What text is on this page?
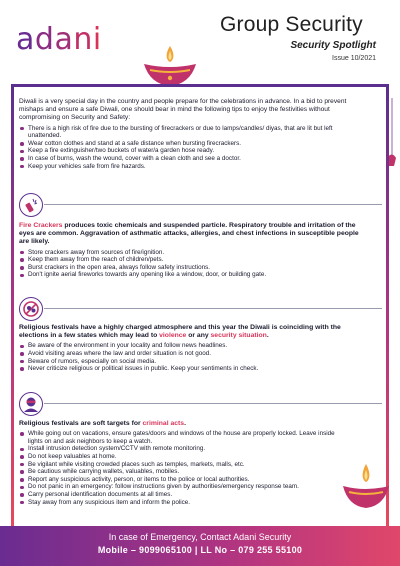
adani	Group Security
Security Spotlight
Issue 10/2021

Diwali is a very special day in the country and people prepare for the celebrations in advance. In a bid to prevent mishaps and ensure a safe Diwali, one should bear in mind the following tips to enjoy the festivities without compromising on Security and Safety:

There is a high risk of fire due to the bursting of firecrackers or due to lamps/candles/ diyas, that are lit but left unattended.
Wear cotton clothes and stand at a safe distance when bursting firecrackers.
Keep a fire extinguisher/two buckets of water/a garden hose ready.
In case of burns, wash the wound, cover with a clean cloth and see a doctor.
Keep your vehicles safe from fire hazards.

Fire Crackers produces toxic chemicals and suspended particle. Respiratory trouble and irritation of the eyes are common. Aggravation of asthmatic attacks, allergies, and chest infections in susceptible people are likely.

Store crackers away from sources of fire/ignition.
Keep them away from the reach of children/pets.
Burst crackers in the open area, always follow safety instructions.
Don't ignite aerial fireworks towards any opening like a window, door, or building gate.

Religious festivals have a highly charged atmosphere and this year the Diwali is coinciding with the elections in a few states which may lead to violence or any security situation.

Be aware of the environment in your locality and follow news headlines.
Avoid visiting areas where the law and order situation is not good.
Beware of rumors, especially on social media.
Never criticize religious or political issues in public. Keep your sentiments in check.

Religious festivals are soft targets for criminal acts.

While going out on vacations, ensure gates/doors and windows of the house are properly locked. Leave inside lights on and ask neighbors to keep a watch.
Install intrusion detection system/CCTV with remote monitoring.
Do not keep valuables at home.
Be vigilant while visiting crowded places such as temples, markets, malls, etc.
Be cautious while carrying wallets, valuables, mobiles.
Report any suspicious activity, person, or items to the police or local authorities.
Do not panic in an emergency: follow instructions given by authorities/emergency response team.
Carry personal identification documents at all times.
Stay away from any suspicious item and inform the police.
In case of Emergency, Contact Adani Security
Mobile – 9099065100 | LL No – 079 255 55100
